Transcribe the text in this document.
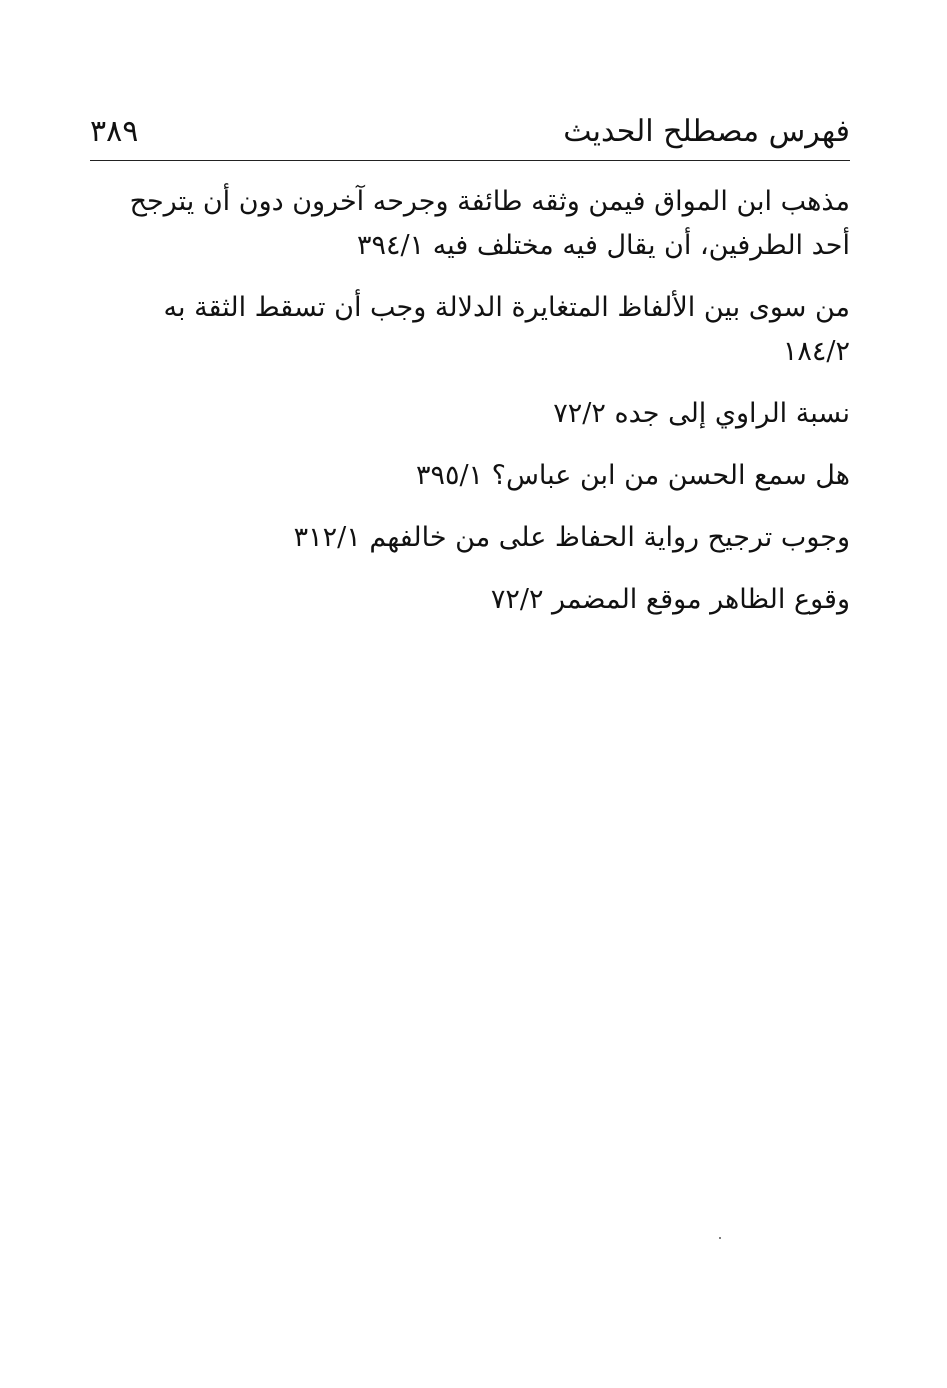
فهرس مصطلح الحديث
٣٨٩

مذهب ابن المواق فيمن وثقه طائفة وجرحه آخرون دون أن يترجح أحد الطرفين، أن يقال فيه مختلف فيه ٣٩٤/١

من سوى بين الألفاظ المتغايرة الدلالة وجب أن تسقط الثقة به ١٨٤/٢

نسبة الراوي إلى جده ٧٢/٢

هل سمع الحسن من ابن عباس؟ ٣٩٥/١

وجوب ترجيح رواية الحفاظ على من خالفهم ٣١٢/١

وقوع الظاهر موقع المضمر ٧٢/٢
